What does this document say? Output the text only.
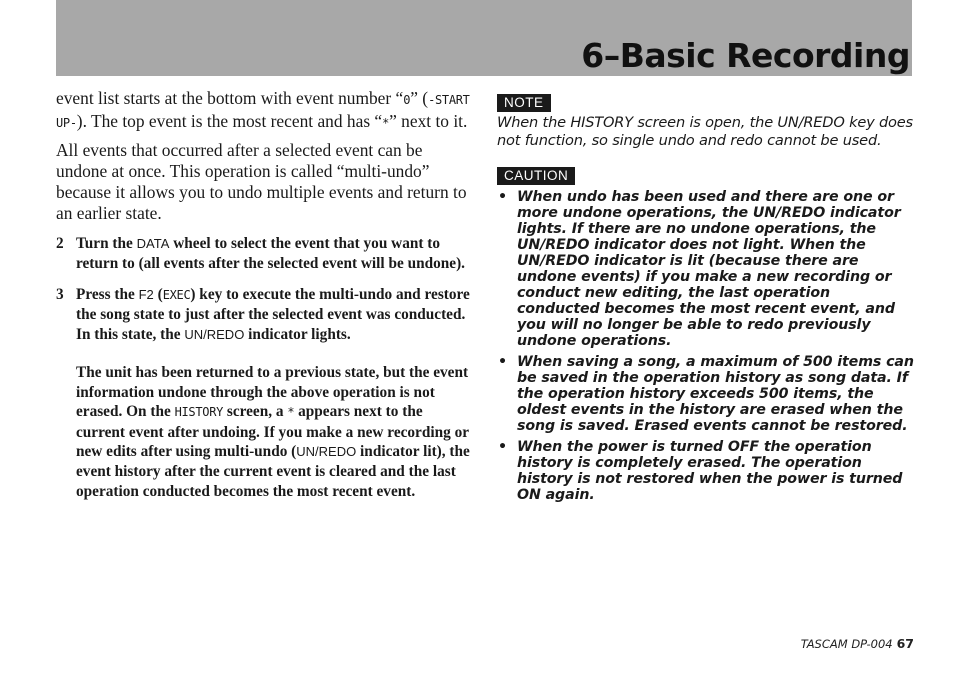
6–Basic Recording

event list starts at the bottom with event number “0” (-START UP-). The top event is the most recent and has “*” next to it.

All events that occurred after a selected event can be undone at once. This operation is called “multi-undo” because it allows you to undo multiple events and return to an earlier state.

2 Turn the DATA wheel to select the event that you want to return to (all events after the selected event will be undone).

3 Press the F2 (EXEC) key to execute the multi-undo and restore the song state to just after the selected event was conducted. In this state, the UN/REDO indicator lights.

The unit has been returned to a previous state, but the event information undone through the above operation is not erased. On the HISTORY screen, a * appears next to the current event after undoing. If you make a new recording or new edits after using multi-undo (UN/REDO indicator lit), the event history after the current event is cleared and the last operation conducted becomes the most recent event.

NOTE

When the HISTORY screen is open, the UN/REDO key does not function, so single undo and redo cannot be used.

CAUTION
• When undo has been used and there are one or more undone operations, the UN/REDO indicator lights. If there are no undone operations, the UN/REDO indicator does not light. When the UN/REDO indicator is lit (because there are undone events) if you make a new recording or conduct new editing, the last operation conducted becomes the most recent event, and you will no longer be able to redo previously undone operations.
• When saving a song, a maximum of 500 items can be saved in the operation history as song data. If the operation history exceeds 500 items, the oldest events in the history are erased when the song is saved. Erased events cannot be restored.
• When the power is turned OFF the operation history is completely erased. The operation history is not restored when the power is turned ON again.
TASCAM DP-004 67
